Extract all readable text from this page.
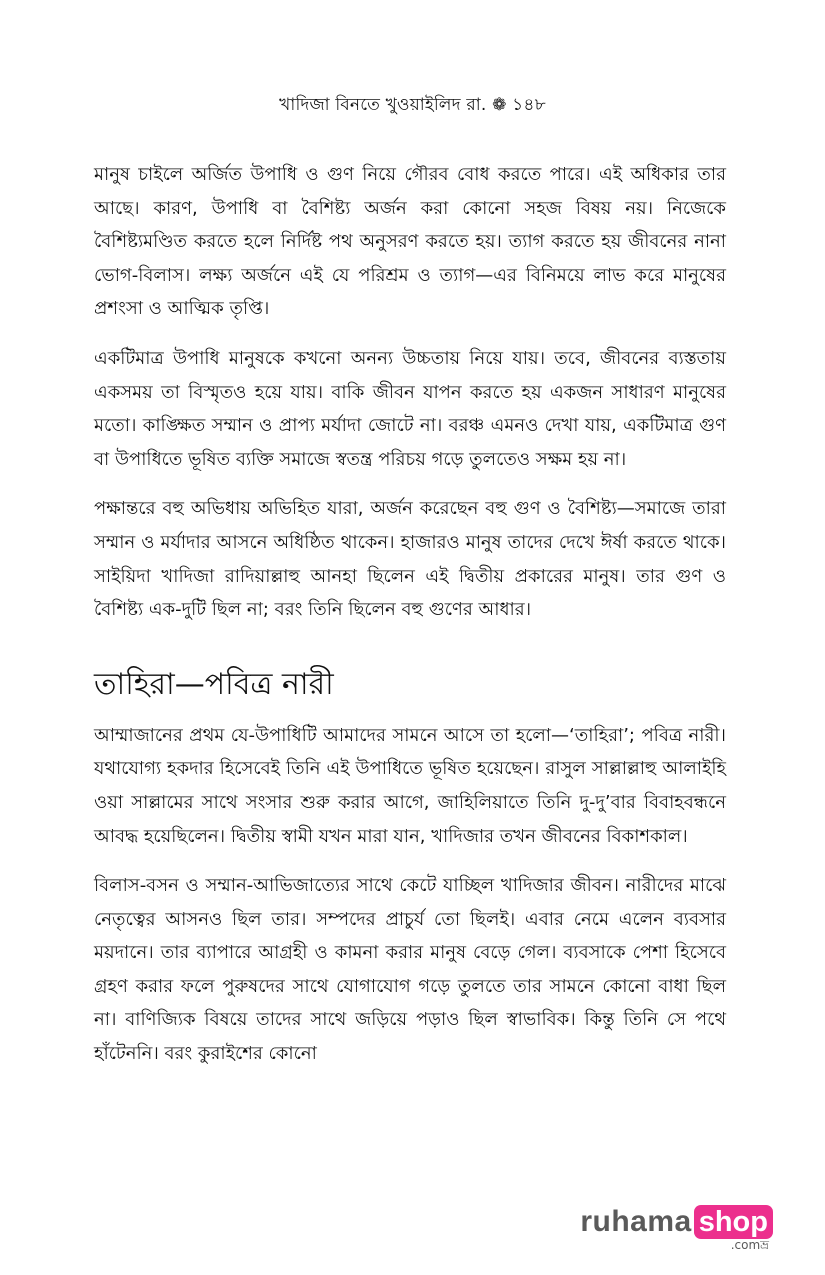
খাদিজা বিনতে খুওয়াইলিদ রা. ❁ ১৪৮

মানুষ চাইলে অর্জিত উপাধি ও গুণ নিয়ে গৌরব বোধ করতে পারে। এই অধিকার তার আছে। কারণ, উপাধি বা বৈশিষ্ট্য অর্জন করা কোনো সহজ বিষয় নয়। নিজেকে বৈশিষ্ট্যমণ্ডিত করতে হলে নির্দিষ্ট পথ অনুসরণ করতে হয়। ত্যাগ করতে হয় জীবনের নানা ভোগ-বিলাস। লক্ষ্য অর্জনে এই যে পরিশ্রম ও ত্যাগ—এর বিনিময়ে লাভ করে মানুষের প্রশংসা ও আত্মিক তৃপ্তি।

একটিমাত্র উপাধি মানুষকে কখনো অনন্য উচ্চতায় নিয়ে যায়। তবে, জীবনের ব্যস্ততায় একসময় তা বিস্মৃতও হয়ে যায়। বাকি জীবন যাপন করতে হয় একজন সাধারণ মানুষের মতো। কাঙ্ক্ষিত সম্মান ও প্রাপ্য মর্যাদা জোটে না। বরঞ্চ এমনও দেখা যায়, একটিমাত্র গুণ বা উপাধিতে ভূষিত ব্যক্তি সমাজে স্বতন্ত্র পরিচয় গড়ে তুলতেও সক্ষম হয় না।

পক্ষান্তরে বহু অভিধায় অভিহিত যারা, অর্জন করেছেন বহু গুণ ও বৈশিষ্ট্য—সমাজে তারা সম্মান ও মর্যাদার আসনে অধিষ্ঠিত থাকেন। হাজারও মানুষ তাদের দেখে ঈর্ষা করতে থাকে। সাইয়িদা খাদিজা রাদিয়াল্লাহু আনহা ছিলেন এই দ্বিতীয় প্রকারের মানুষ। তার গুণ ও বৈশিষ্ট্য এক-দুটি ছিল না; বরং তিনি ছিলেন বহু গুণের আধার।

তাহিরা—পবিত্র নারী

আম্মাজানের প্রথম যে-উপাধিটি আমাদের সামনে আসে তা হলো—‘তাহিরা’; পবিত্র নারী। যথাযোগ্য হকদার হিসেবেই তিনি এই উপাধিতে ভূষিত হয়েছেন। রাসুল সাল্লাল্লাহু আলাইহি ওয়া সাল্লামের সাথে সংসার শুরু করার আগে, জাহিলিয়াতে তিনি দু-দু’বার বিবাহবন্ধনে আবদ্ধ হয়েছিলেন। দ্বিতীয় স্বামী যখন মারা যান, খাদিজার তখন জীবনের বিকাশকাল।

বিলাস-বসন ও সম্মান-আভিজাত্যের সাথে কেটে যাচ্ছিল খাদিজার জীবন। নারীদের মাঝে নেতৃত্বের আসনও ছিল তার। সম্পদের প্রাচুর্য তো ছিলই। এবার নেমে এলেন ব্যবসার ময়দানে। তার ব্যাপারে আগ্রহী ও কামনা করার মানুষ বেড়ে গেল। ব্যবসাকে পেশা হিসেবে গ্রহণ করার ফলে পুরুষদের সাথে যোগাযোগ গড়ে তুলতে তার সামনে কোনো বাধা ছিল না। বাণিজ্যিক বিষয়ে তাদের সাথে জড়িয়ে পড়াও ছিল স্বাভাবিক। কিন্তু তিনি সে পথে হাঁটেননি। বরং কুরাইশের কোনো

ruhama shop
.comভ্র
